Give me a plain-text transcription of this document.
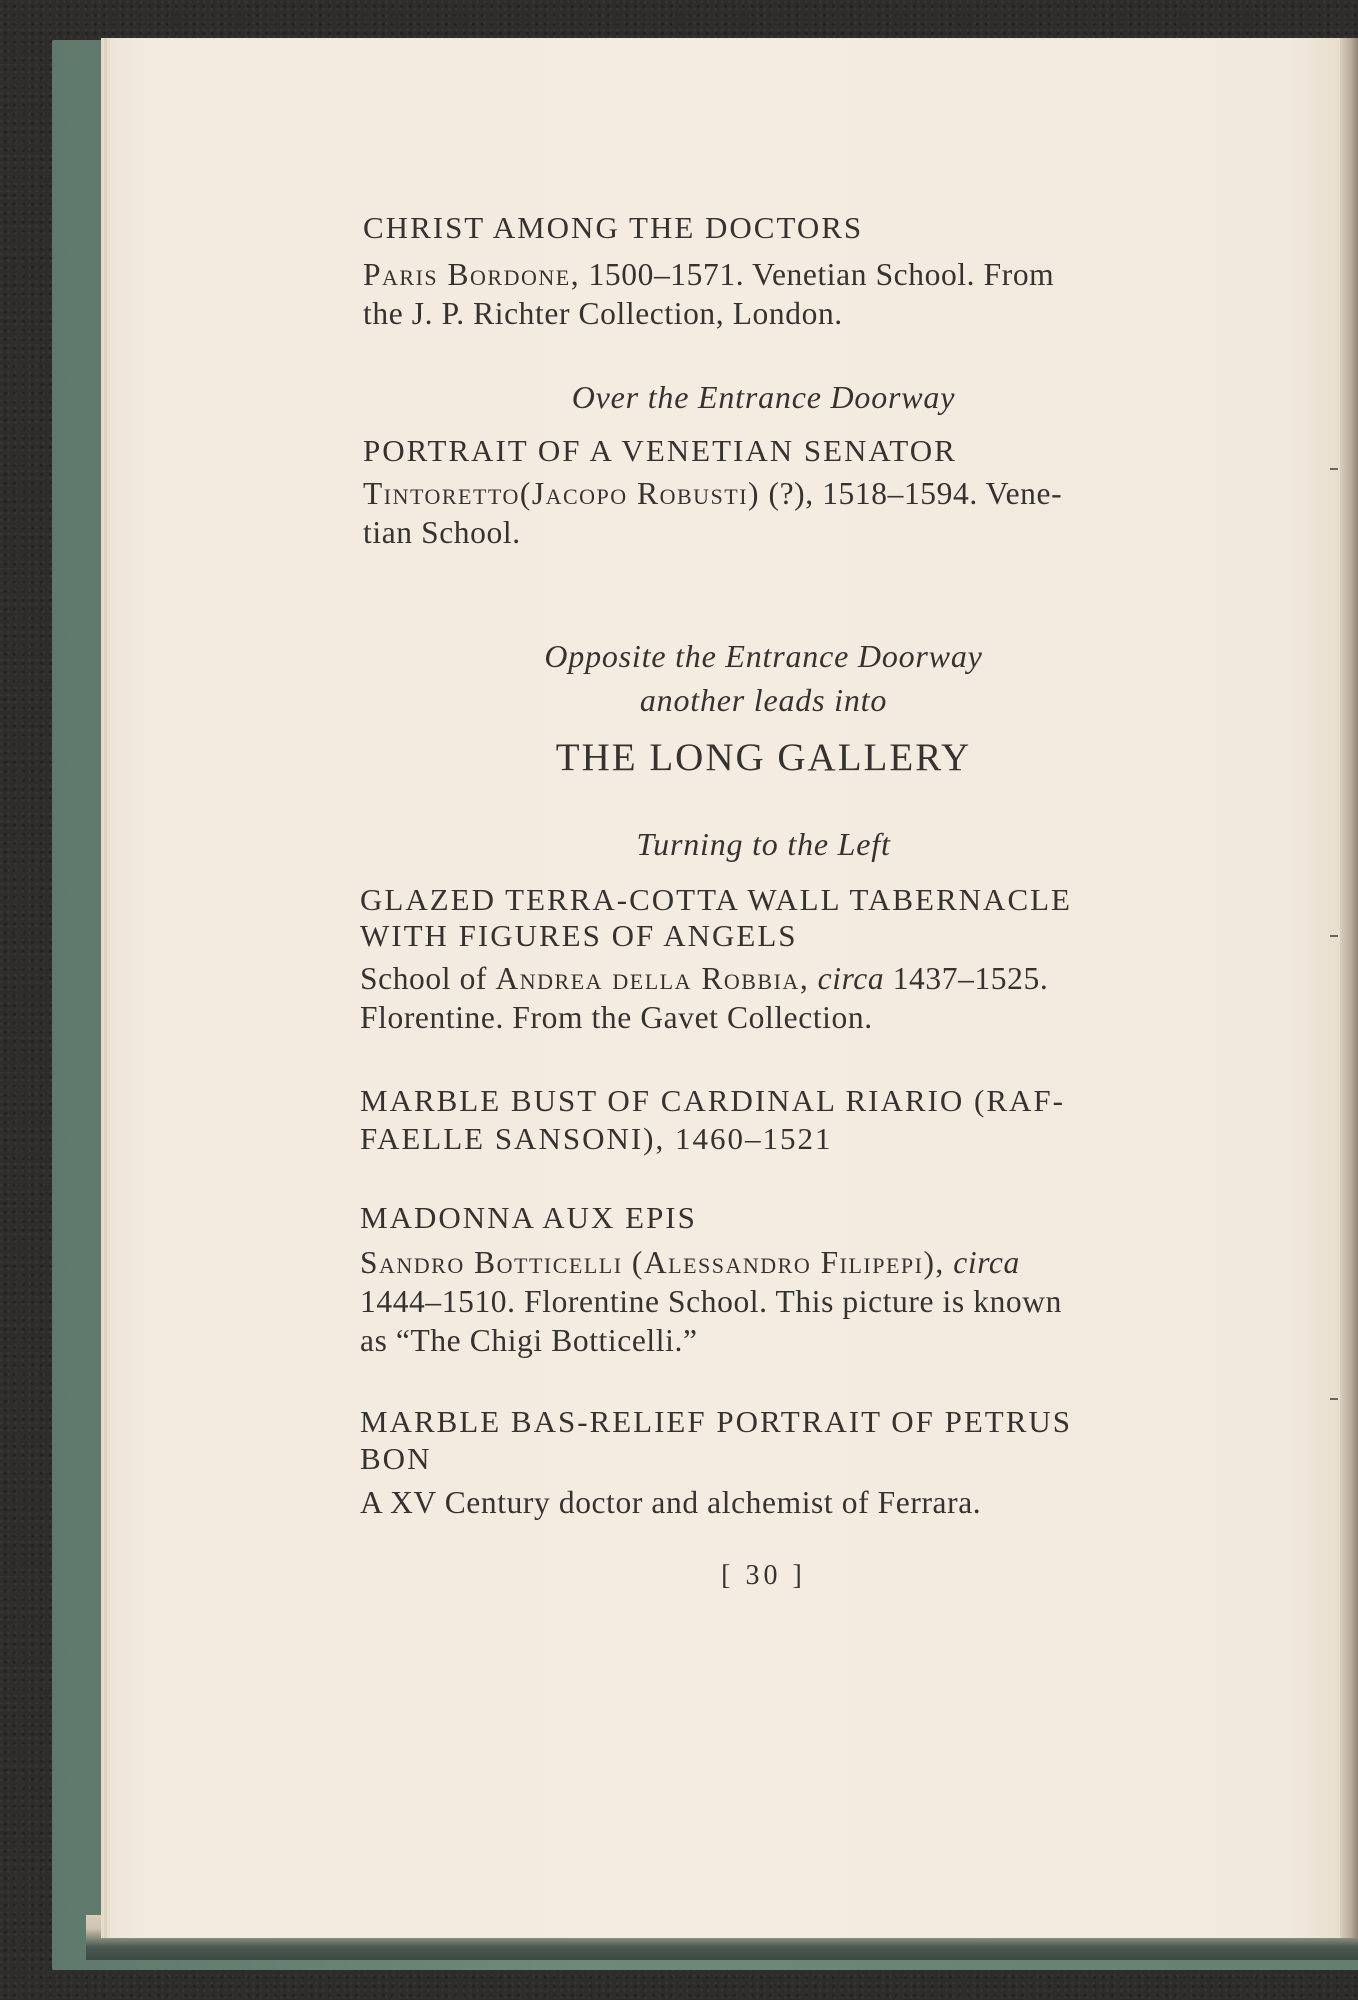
CHRIST AMONG THE DOCTORS
Paris Bordone, 1500–1571. Venetian School. From
the J. P. Richter Collection, London.
Over the Entrance Doorway
PORTRAIT OF A VENETIAN SENATOR
Tintoretto(Jacopo Robusti) (?), 1518–1594. Vene-
tian School.
Opposite the Entrance Doorway
another leads into
THE LONG GALLERY
Turning to the Left
GLAZED TERRA-COTTA WALL TABERNACLE
WITH FIGURES OF ANGELS
School of Andrea della Robbia, circa 1437–1525.
Florentine. From the Gavet Collection.
MARBLE BUST OF CARDINAL RIARIO (RAF-
FAELLE SANSONI), 1460–1521
MADONNA AUX EPIS
Sandro Botticelli (Alessandro Filipepi), circa
1444–1510. Florentine School. This picture is known
as “The Chigi Botticelli.”
MARBLE BAS-RELIEF PORTRAIT OF PETRUS
BON
A XV Century doctor and alchemist of Ferrara.
[ 30 ]
